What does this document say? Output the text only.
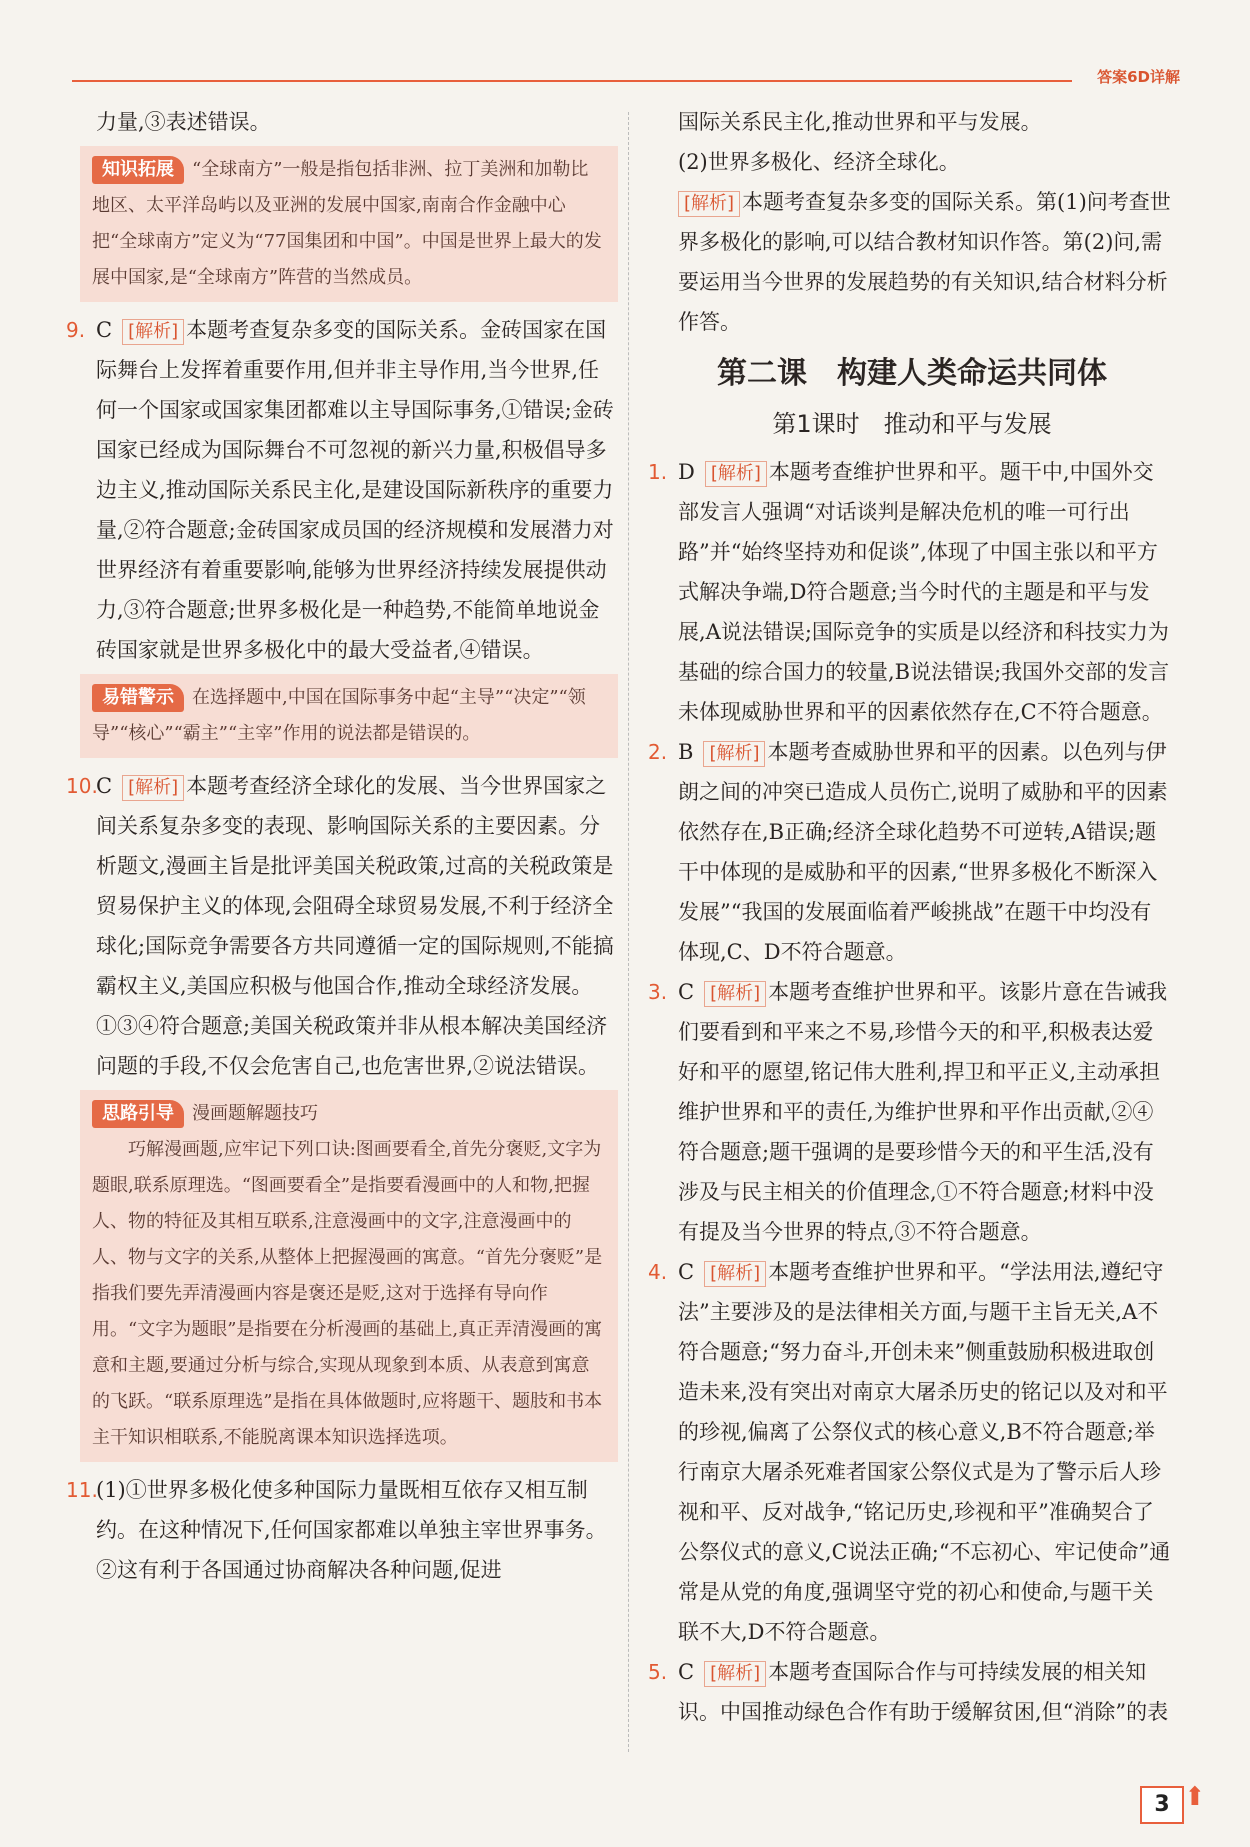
答案6D详解

力量,③表述错误。

知识拓展 “全球南方”一般是指包括非洲、拉丁美洲和加勒比地区、太平洋岛屿以及亚洲的发展中国家,南南合作金融中心把“全球南方”定义为“77国集团和中国”。中国是世界上最大的发展中国家,是“全球南方”阵营的当然成员。
9. C [解析] 本题考查复杂多变的国际关系。金砖国家在国际舞台上发挥着重要作用,但并非主导作用,当今世界,任何一个国家或国家集团都难以主导国际事务,①错误;金砖国家已经成为国际舞台不可忽视的新兴力量,积极倡导多边主义,推动国际关系民主化,是建设国际新秩序的重要力量,②符合题意;金砖国家成员国的经济规模和发展潜力对世界经济有着重要影响,能够为世界经济持续发展提供动力,③符合题意;世界多极化是一种趋势,不能简单地说金砖国家就是世界多极化中的最大受益者,④错误。
易错警示 在选择题中,中国在国际事务中起“主导”“决定”“领导”“核心”“霸主”“主宰”作用的说法都是错误的。
10.
C [解析] 本题考查经济全球化的发展、当今世界国家之间关系复杂多变的表现、影响国际关系的主要因素。分析题文,漫画主旨是批评美国关税政策,过高的关税政策是贸易保护主义的体现,会阻碍全球贸易发展,不利于经济全球化;国际竞争需要各方共同遵循一定的国际规则,不能搞霸权主义,美国应积极与他国合作,推动全球经济发展。①③④符合题意;美国关税政策并非从根本解决美国经济问题的手段,不仅会危害自己,也危害世界,②说法错误。
思路引导 漫画题解题技巧
巧解漫画题,应牢记下列口诀:图画要看全,首先分褒贬,文字为题眼,联系原理选。“图画要看全”是指要看漫画中的人和物,把握人、物的特征及其相互联系,注意漫画中的文字,注意漫画中的人、物与文字的关系,从整体上把握漫画的寓意。“首先分褒贬”是指我们要先弄清漫画内容是褒还是贬,这对于选择有导向作用。“文字为题眼”是指要在分析漫画的基础上,真正弄清漫画的寓意和主题,要通过分析与综合,实现从现象到本质、从表意到寓意的飞跃。“联系原理选”是指在具体做题时,应将题干、题肢和书本主干知识相联系,不能脱离课本知识选择选项。
11.
(1)①世界多极化使多种国际力量既相互依存又相互制约。在这种情况下,任何国家都难以单独主宰世界事务。②这有利于各国通过协商解决各种问题,促进

国际关系民主化,推动世界和平与发展。

(2)世界多极化、经济全球化。

[解析] 本题考查复杂多变的国际关系。第(1)问考查世界多极化的影响,可以结合教材知识作答。第(2)问,需要运用当今世界的发展趋势的有关知识,结合材料分析作答。

第二课　构建人类命运共同体
第1课时　推动和平与发展
1. D [解析] 本题考查维护世界和平。题干中,中国外交部发言人强调“对话谈判是解决危机的唯一可行出路”并“始终坚持劝和促谈”,体现了中国主张以和平方式解决争端,D符合题意;当今时代的主题是和平与发展,A说法错误;国际竞争的实质是以经济和科技实力为基础的综合国力的较量,B说法错误;我国外交部的发言未体现威胁世界和平的因素依然存在,C不符合题意。
2. B [解析] 本题考查威胁世界和平的因素。以色列与伊朗之间的冲突已造成人员伤亡,说明了威胁和平的因素依然存在,B正确;经济全球化趋势不可逆转,A错误;题干中体现的是威胁和平的因素,“世界多极化不断深入发展”“我国的发展面临着严峻挑战”在题干中均没有体现,C、D不符合题意。
3. C [解析] 本题考查维护世界和平。该影片意在告诫我们要看到和平来之不易,珍惜今天的和平,积极表达爱好和平的愿望,铭记伟大胜利,捍卫和平正义,主动承担维护世界和平的责任,为维护世界和平作出贡献,②④符合题意;题干强调的是要珍惜今天的和平生活,没有涉及与民主相关的价值理念,①不符合题意;材料中没有提及当今世界的特点,③不符合题意。
4. C [解析] 本题考查维护世界和平。“学法用法,遵纪守法”主要涉及的是法律相关方面,与题干主旨无关,A不符合题意;“努力奋斗,开创未来”侧重鼓励积极进取创造未来,没有突出对南京大屠杀历史的铭记以及对和平的珍视,偏离了公祭仪式的核心意义,B不符合题意;举行南京大屠杀死难者国家公祭仪式是为了警示后人珍视和平、反对战争,“铭记历史,珍视和平”准确契合了公祭仪式的意义,C说法正确;“不忘初心、牢记使命”通常是从党的角度,强调坚守党的初心和使命,与题干关联不大,D不符合题意。
5. C [解析] 本题考查国际合作与可持续发展的相关知识。中国推动绿色合作有助于缓解贫困,但“消除”的表
3 ⬆
